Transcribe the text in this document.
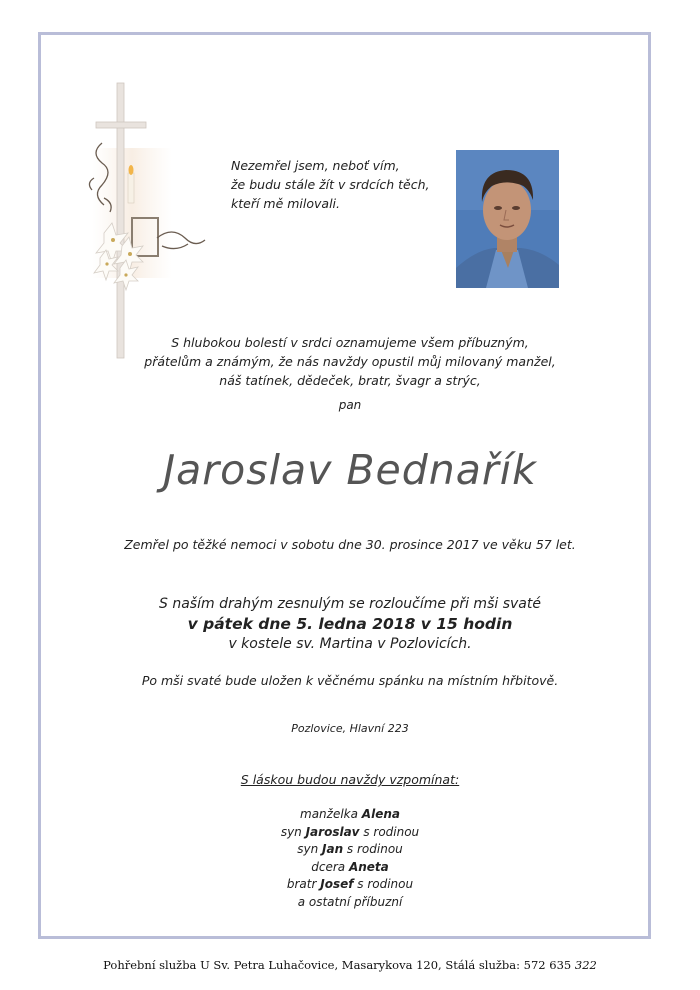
Nezemřel jsem, neboť vím,
že budu stále žít v srdcích těch,
kteří mě milovali.
S hlubokou bolestí v srdci oznamujeme všem příbuzným,
přátelům a známým, že nás navždy opustil můj milovaný manžel,
náš tatínek, dědeček, bratr, švagr a strýc,
pan
Jaroslav Bednařík
Zemřel po těžké nemoci v sobotu dne 30. prosince 2017 ve věku 57 let.
S naším drahým zesnulým se rozloučíme při mši svaté
v pátek dne 5. ledna 2018 v 15 hodin
v kostele sv. Martina v Pozlovicích.
Po mši svaté bude uložen k věčnému spánku na místním hřbitově.
Pozlovice, Hlavní 223
S láskou budou navždy vzpomínat:
manželka Alena
syn Jaroslav s rodinou
syn Jan s rodinou
dcera Aneta
bratr Josef s rodinou
a ostatní příbuzní
Pohřební služba U Sv. Petra Luhačovice, Masarykova 120, Stálá služba: 572 635 322
